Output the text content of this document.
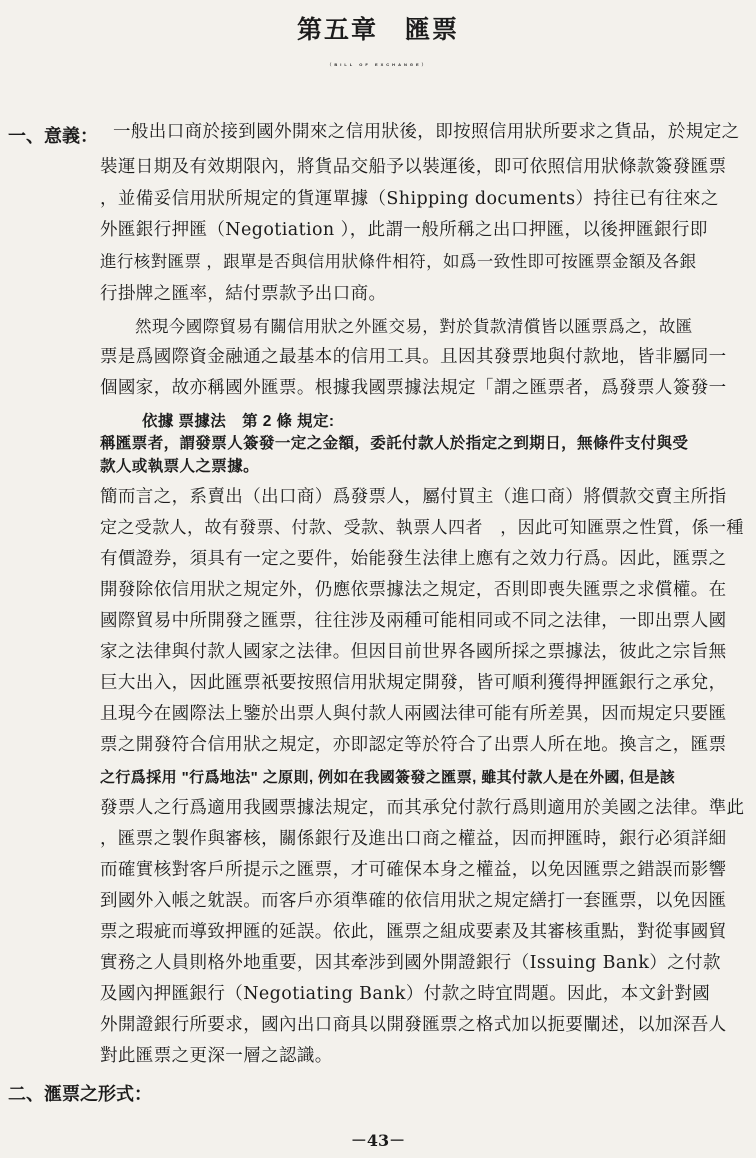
第五章　匯票
（BILL OF EXCHANGE）
一、意義： 一般出口商於接到國外開來之信用狀後，即按照信用狀所要求之貨品，於規定之
裝運日期及有效期限內，將貨品交船予以裝運後，即可依照信用狀條款簽發匯票
，並備妥信用狀所規定的貨運單據（Shipping documents）持往已有往來之
外匯銀行押匯（Negotiation ），此謂一般所稱之出口押匯，以後押匯銀行即
進行核對匯票 ，跟單是否與信用狀條件相符，如爲一致性即可按匯票金額及各銀
行掛牌之匯率，結付票款予出口商。
然現今國際貿易有關信用狀之外匯交易，對於貨款清償皆以匯票爲之，故匯
票是爲國際資金融通之最基本的信用工具。且因其發票地與付款地，皆非屬同一
個國家，故亦稱國外匯票。根據我國票據法規定「謂之匯票者，爲發票人簽發一
依據 票據法　第 2 條 規定:
稱匯票者，謂發票人簽發一定之金額，委託付款人於指定之到期日，無條件支付與受
款人或執票人之票據。
簡而言之，系賣出（出口商）爲發票人，屬付買主（進口商）將價款交賣主所指
定之受款人，故有發票、付款、受款、執票人四者　，因此可知匯票之性質，係一種
有價證券，須具有一定之要件，始能發生法律上應有之效力行爲。因此，匯票之
開發除依信用狀之規定外，仍應依票據法之規定，否則即喪失匯票之求償權。在
國際貿易中所開發之匯票，往往涉及兩種可能相同或不同之法律，一即出票人國
家之法律與付款人國家之法律。但因目前世界各國所採之票據法，彼此之宗旨無
巨大出入，因此匯票祇要按照信用狀規定開發，皆可順利獲得押匯銀行之承兌，
且現今在國際法上鑒於出票人與付款人兩國法律可能有所差異，因而規定只要匯
票之開發符合信用狀之規定，亦即認定等於符合了出票人所在地。換言之，匯票
之行爲採用 "行爲地法" 之原則, 例如在我國簽發之匯票, 雖其付款人是在外國, 但是該
發票人之行爲適用我國票據法規定，而其承兌付款行爲則適用於美國之法律。準此
，匯票之製作與審核，關係銀行及進出口商之權益，因而押匯時，銀行必須詳細
而確實核對客戶所提示之匯票，才可確保本身之權益，以免因匯票之錯誤而影響
到國外入帳之躭誤。而客戶亦須準確的依信用狀之規定繕打一套匯票，以免因匯
票之瑕疵而導致押匯的延誤。依此，匯票之組成要素及其審核重點，對從事國貿
實務之人員則格外地重要，因其牽涉到國外開證銀行（Issuing Bank）之付款
及國內押匯銀行（Negotiating Bank）付款之時宜問題。因此，本文針對國
外開證銀行所要求，國內出口商具以開發匯票之格式加以扼要闡述，以加深吾人
對此匯票之更深一層之認識。
二、滙票之形式：
－43－
